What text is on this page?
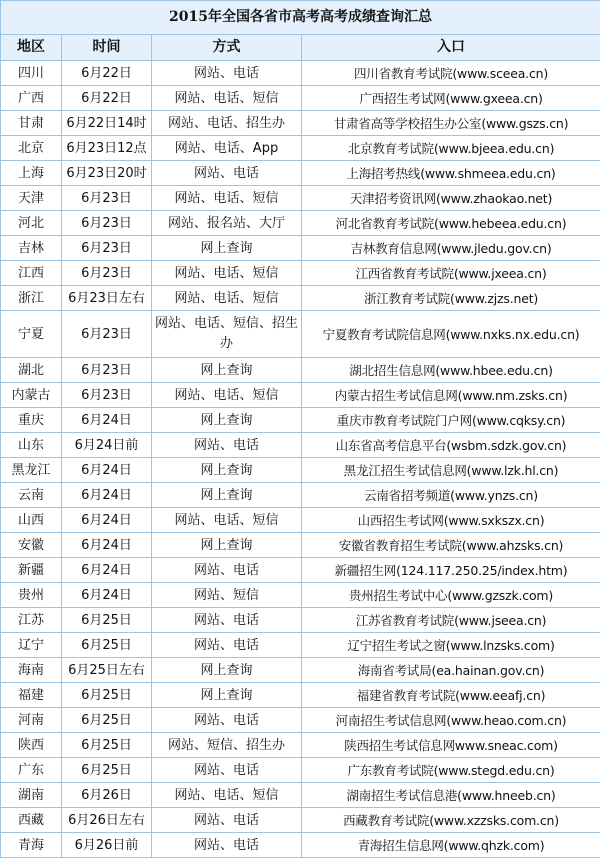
2015年全国各省市高考高考成绩查询汇总			
地区	时间	方式	入口
四川	6月22日	网站、电话	四川省教育考试院(www.sceea.cn)
广西	6月22日	网站、电话、短信	广西招生考试网(www.gxeea.cn)
甘肃	6月22日14时	网站、电话、招生办	甘肃省高等学校招生办公室(www.gszs.cn)
北京	6月23日12点	网站、电话、App	北京教育考试院(www.bjeea.edu.cn)
上海	6月23日20时	网站、电话	上海招考热线(www.shmeea.edu.cn)
天津	6月23日	网站、电话、短信	天津招考资讯网(www.zhaokao.net)
河北	6月23日	网站、报名站、大厅	河北省教育考试院(www.hebeea.edu.cn)
吉林	6月23日	网上查询	吉林教育信息网(www.jledu.gov.cn)
江西	6月23日	网站、电话、短信	江西省教育考试院(www.jxeea.cn)
浙江	6月23日左右	网站、电话、短信	浙江教育考试院(www.zjzs.net)
宁夏	6月23日	网站、电话、短信、招生办	宁夏教育考试院信息网(www.nxks.nx.edu.cn)
湖北	6月23日	网上查询	湖北招生信息网(www.hbee.edu.cn)
内蒙古	6月23日	网站、电话、短信	内蒙古招生考试信息网(www.nm.zsks.cn)
重庆	6月24日	网上查询	重庆市教育考试院门户网(www.cqksy.cn)
山东	6月24日前	网站、电话	山东省高考信息平台(wsbm.sdzk.gov.cn)
黑龙江	6月24日	网上查询	黑龙江招生考试信息网(www.lzk.hl.cn)
云南	6月24日	网上查询	云南省招考频道(www.ynzs.cn)
山西	6月24日	网站、电话、短信	山西招生考试网(www.sxkszx.cn)
安徽	6月24日	网上查询	安徽省教育招生考试院(www.ahzsks.cn)
新疆	6月24日	网站、电话	新疆招生网(124.117.250.25/index.htm)
贵州	6月24日	网站、短信	贵州招生考试中心(www.gzszk.com)
江苏	6月25日	网站、电话	江苏省教育考试院(www.jseea.cn)
辽宁	6月25日	网站、电话	辽宁招生考试之窗(www.lnzsks.com)
海南	6月25日左右	网上查询	海南省考试局(ea.hainan.gov.cn)
福建	6月25日	网上查询	福建省教育考试院(www.eeafj.cn)
河南	6月25日	网站、电话	河南招生考试信息网(www.heao.com.cn)
陕西	6月25日	网站、短信、招生办	陕西招生考试信息网www.sneac.com)
广东	6月25日	网站、电话	广东教育考试院(www.stegd.edu.cn)
湖南	6月26日	网站、电话、短信	湖南招生考试信息港(www.hneeb.cn)
西藏	6月26日左右	网站、电话	西藏教育考试院(www.xzzsks.com.cn)
青海	6月26日前	网站、电话	青海招生信息网(www.qhzk.com)
